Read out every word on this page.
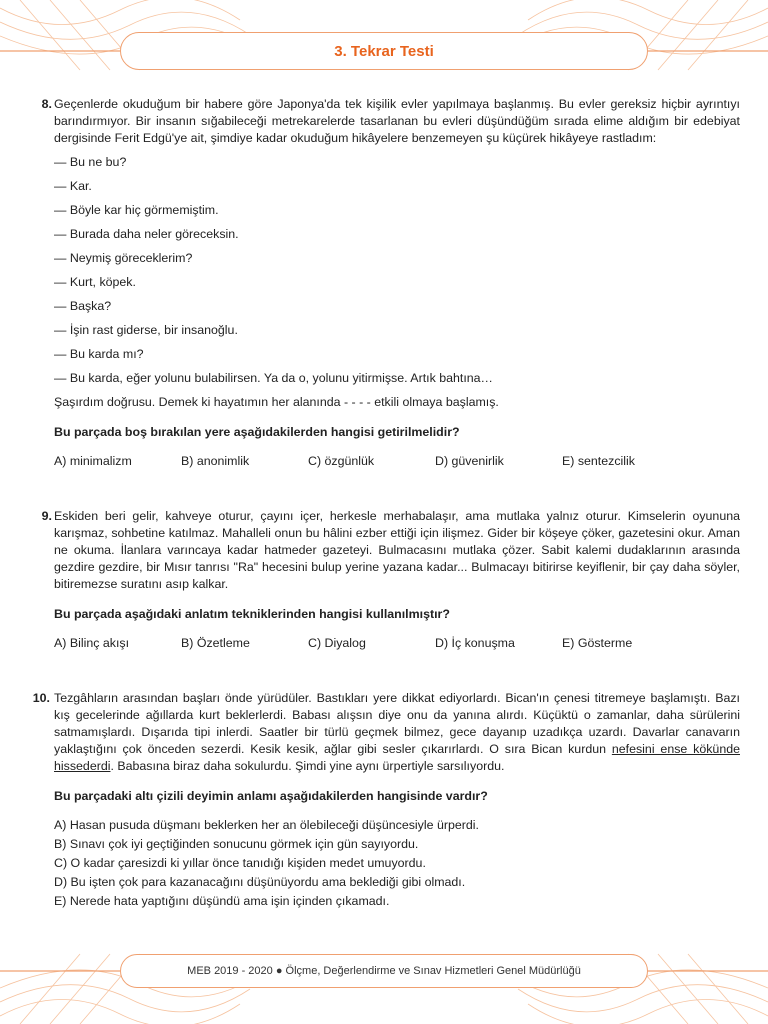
3. Tekrar Testi
8. Geçenlerde okuduğum bir habere göre Japonya'da tek kişilik evler yapılmaya başlanmış. Bu evler gereksiz hiçbir ayrıntıyı barındırmıyor. Bir insanın sığabileceği metrekarelerde tasarlanan bu evleri düşündüğüm sırada elime aldığım bir edebiyat dergisinde Ferit Edgü'ye ait, şimdiye kadar okuduğum hikâyelere benzemeyen şu küçürek hikâyeye rastladım:

— Bu ne bu?
— Kar.
— Böyle kar hiç görmemiştim.
— Burada daha neler göreceksin.
— Neymiş göreceklerim?
— Kurt, köpek.
— Başka?
— İşin rast giderse, bir insanoğlu.
— Bu karda mı?
— Bu karda, eğer yolunu bulabilirsen. Ya da o, yolunu yitirmişse. Artık bahtına…
Şaşırdım doğrusu. Demek ki hayatımın her alanında - - - - etkili olmaya başlamış.
Bu parçada boş bırakılan yere aşağıdakilerden hangisi getirilmelidir?
A) minimalizm	B) anonimlik	C) özgünlük	D) güvenirlik	E) sentezcilik
9. Eskiden beri gelir, kahveye oturur, çayını içer, herkesle merhabalaşır, ama mutlaka yalnız oturur. Kimselerin oyununa karışmaz, sohbetine katılmaz. Mahalleli onun bu hâlini ezber ettiği için ilişmez. Gider bir köşeye çöker, gazetesini okur. Aman ne okuma. İlanlara varıncaya kadar hatmeder gazeteyi. Bulmacasını mutlaka çözer. Sabit kalemi dudaklarının arasında gezdire gezdire, bir Mısır tanrısı "Ra" hecesini bulup yerine yazana kadar... Bulmacayı bitirirse keyiflenir, bir çay daha söyler, bitiremezse suratını asıp kalkar.

Bu parçada aşağıdaki anlatım tekniklerinden hangisi kullanılmıştır?
A) Bilinç akışı	B) Özetleme	C) Diyalog	D) İç konuşma	E) Gösterme
10. Tezgâhların arasından başları önde yürüdüler. Bastıkları yere dikkat ediyorlardı. Bican'ın çenesi titremeye başlamıştı. Bazı kış gecelerinde ağıllarda kurt beklerlerdi. Babası alışsın diye onu da yanına alırdı. Küçüktü o zamanlar, daha sürülerini satmamışlardı. Dışarıda tipi inlerdi. Saatler bir türlü geçmek bilmez, gece dayanıp uzadıkça uzardı. Davarlar canavarın yaklaştığını çok önceden sezerdi. Kesik kesik, ağlar gibi sesler çıkarırlardı. O sıra Bican kurdun nefesini ense kökünde hissederdi. Babasına biraz daha sokulurdu. Şimdi yine aynı ürpertiyle sarsılıyordu.

Bu parçadaki altı çizili deyimin anlamı aşağıdakilerden hangisinde vardır?
A) Hasan pusuda düşmanı beklerken her an ölebileceği düşüncesiyle ürperdi.
B) Sınavı çok iyi geçtiğinden sonucunu görmek için gün sayıyordu.
C) O kadar çaresizdi ki yıllar önce tanıdığı kişiden medet umuyordu.
D) Bu işten çok para kazanacağını düşünüyordu ama beklediği gibi olmadı.
E) Nerede hata yaptığını düşündü ama işin içinden çıkamadı.
MEB 2019 - 2020 ● Ölçme, Değerlendirme ve Sınav Hizmetleri Genel Müdürlüğü
